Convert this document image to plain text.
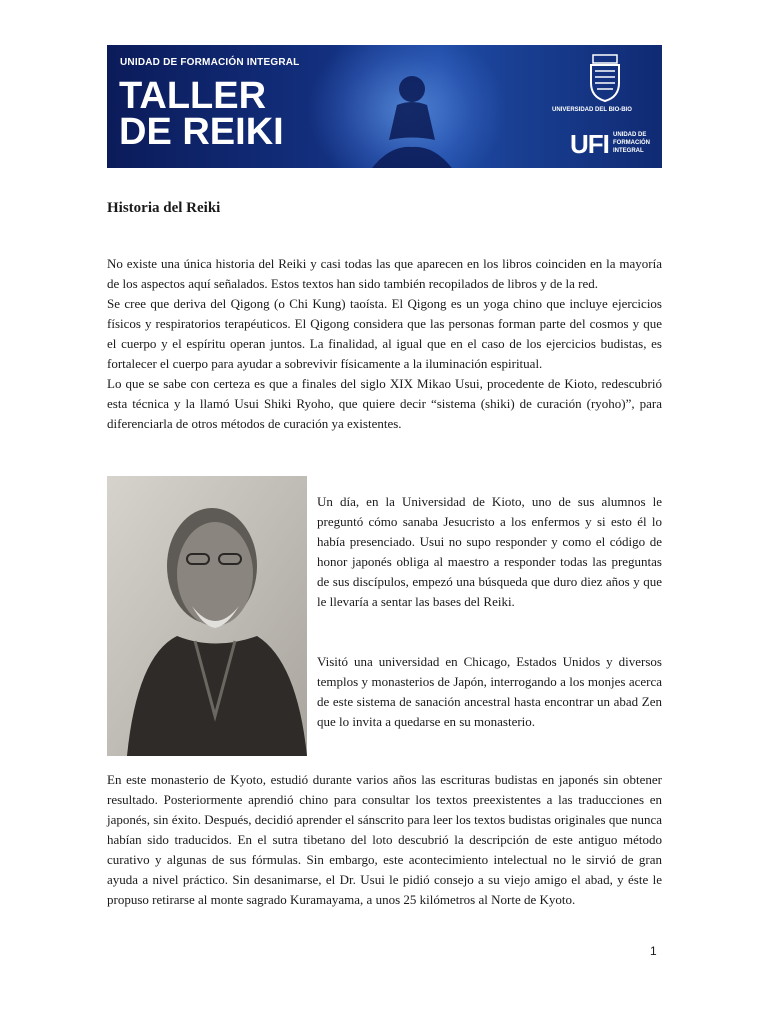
UNIDAD DE FORMACIÓN INTEGRAL
TALLER
DE REIKI
UNIVERSIDAD DEL BIO-BIO
UFI UNIDAD DE FORMACIÓN INTEGRAL
Historia del Reiki

No existe una única historia del Reiki y casi todas las que aparecen en los libros coinciden en la mayoría de los aspectos aquí señalados. Estos textos han sido también recopilados de libros y de la red.
Se cree que deriva del Qigong (o Chi Kung) taoísta. El Qigong es un yoga chino que incluye ejercicios físicos y respiratorios terapéuticos. El Qigong considera que las personas forman parte del cosmos y que el cuerpo y el espíritu operan juntos. La finalidad, al igual que en el caso de los ejercicios budistas, es fortalecer el cuerpo para ayudar a sobrevivir físicamente a la iluminación espiritual.
Lo que se sabe con certeza es que a finales del siglo XIX Mikao Usui, procedente de Kioto, redescubrió esta técnica y la llamó Usui Shiki Ryoho, que quiere decir “sistema (shiki) de curación (ryoho)”, para diferenciarla de otros métodos de curación ya existentes.

Un día, en la Universidad de Kioto, uno de sus alumnos le preguntó cómo sanaba Jesucristo a los enfermos y si esto él lo había presenciado. Usui no supo responder y como el código de honor japonés obliga al maestro a responder todas las preguntas de sus discípulos, empezó una búsqueda que duro diez años y que le llevaría a sentar las bases del Reiki.

Visitó una universidad en Chicago, Estados Unidos y diversos templos y monasterios de Japón, interrogando a los monjes acerca de este sistema de sanación ancestral hasta encontrar un abad Zen que lo invita a quedarse en su monasterio.

En este monasterio de Kyoto, estudió durante varios años las escrituras budistas en japonés sin obtener resultado. Posteriormente aprendió chino para consultar los textos preexistentes a las traducciones en japonés, sin éxito. Después, decidió aprender el sánscrito para leer los textos budistas originales que nunca habían sido traducidos. En el sutra tibetano del loto descubrió la descripción de este antiguo método curativo y algunas de sus fórmulas. Sin embargo, este acontecimiento intelectual no le sirvió de gran ayuda a nivel práctico. Sin desanimarse, el Dr. Usui le pidió consejo a su viejo amigo el abad, y éste le propuso retirarse al monte sagrado Kuramayama, a unos 25 kilómetros al Norte de Kyoto.

1
